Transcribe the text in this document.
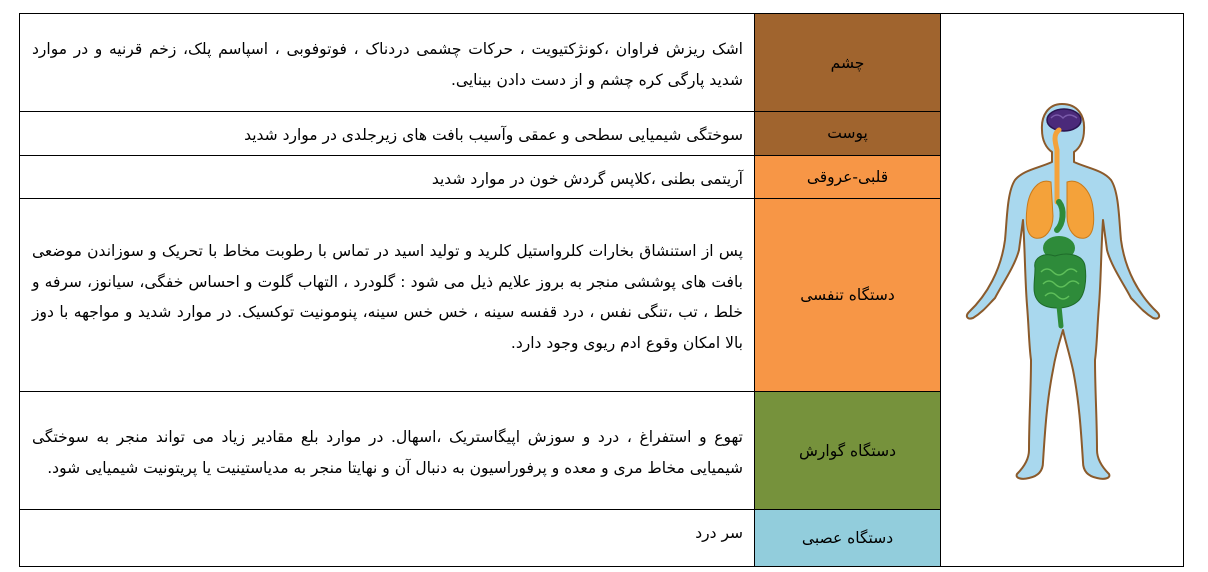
اشک ریزش فراوان ،کونژکتیویت ، حرکات چشمی دردناک ، فوتوفوبی ، اسپاسم پلک، زخم قرنیه و در موارد شدید پارگی کره چشم و از دست دادن بینایی.	چشم	

سوختگی شیمیایی سطحی و عمقی وآسیب بافت های زیرجلدی در موارد شدید	پوست	
آریتمی بطنی ،کلاپس گردش خون در موارد شدید	قلبی-عروقی	
پس از استنشاق بخارات کلرواستیل کلرید و تولید اسید در تماس با رطوبت مخاط با تحریک و سوزاندن موضعی بافت های پوششی منجر به بروز علایم ذیل می شود : گلودرد ، التهاب گلوت و احساس خفگی، سیانوز، سرفه و خلط ، تب ،تنگی نفس ، درد قفسه سینه ، خس خس سینه، پنومونیت توکسیک. در موارد شدید و مواجهه با دوز بالا امکان وقوع ادم ریوی وجود دارد.	دستگاه تنفسی	
تهوع و استفراغ ، درد و سوزش اپیگاستریک ،اسهال. در موارد بلع مقادیر زیاد می تواند منجر به سوختگی شیمیایی مخاط مری و معده و پرفوراسیون به دنبال آن و نهایتا منجر به مدیاستینیت یا پریتونیت شیمیایی شود.	دستگاه گوارش	
سر درد	دستگاه عصبی	
